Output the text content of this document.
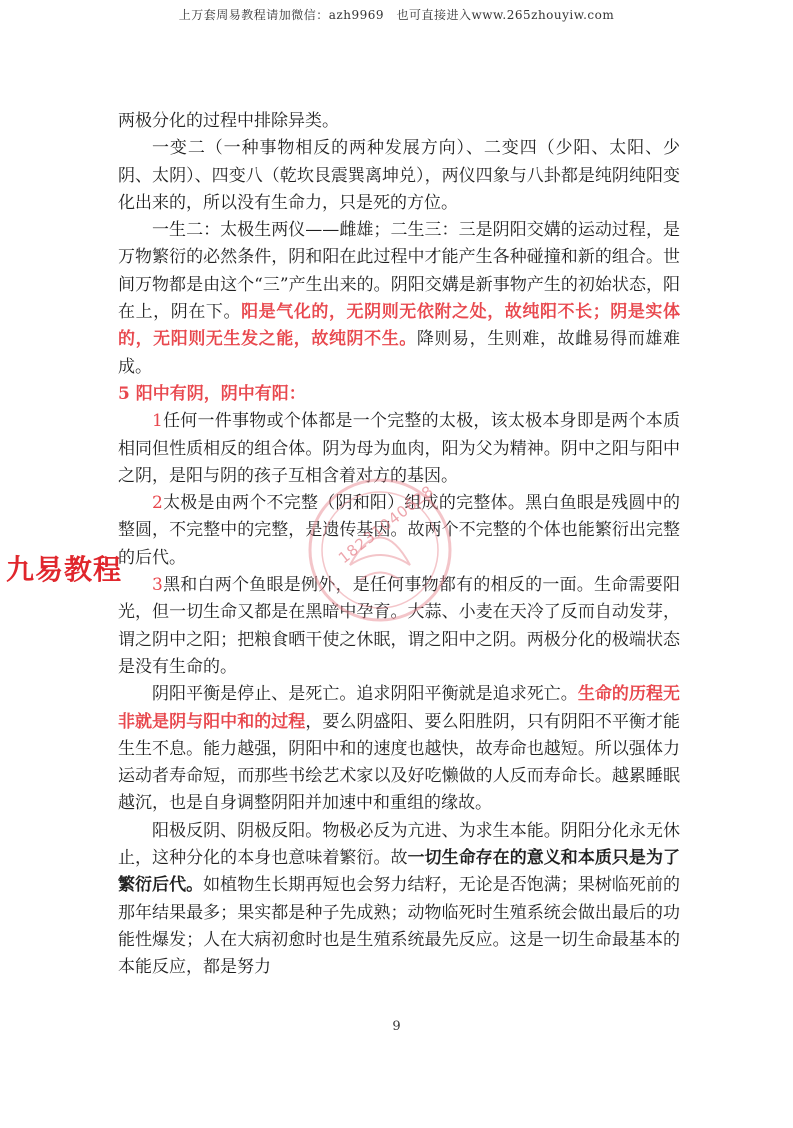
上万套周易教程请加微信：azh9969　也可直接进入www.265zhouyiw.com

两极分化的过程中排除异类。

一变二（一种事物相反的两种发展方向）、二变四（少阳、太阳、少阴、太阴）、四变八（乾坎艮震巽离坤兑），两仪四象与八卦都是纯阴纯阳变化出来的，所以没有生命力，只是死的方位。

一生二：太极生两仪——雌雄；二生三：三是阴阳交媾的运动过程，是万物繁衍的必然条件，阴和阳在此过程中才能产生各种碰撞和新的组合。世间万物都是由这个“三”产生出来的。阴阳交媾是新事物产生的初始状态，阳在上，阴在下。阳是气化的，无阴则无依附之处，故纯阳不长；阴是实体的，无阳则无生发之能，故纯阴不生。降则易，生则难，故雌易得而雄难成。

5 阳中有阴，阴中有阳：

1任何一件事物或个体都是一个完整的太极，该太极本身即是两个本质相同但性质相反的组合体。阴为母为血肉，阳为父为精神。阴中之阳与阳中之阴，是阳与阴的孩子互相含着对方的基因。

2太极是由两个不完整（阴和阳）组成的完整体。黑白鱼眼是残圆中的整圆，不完整中的完整，是遗传基因。故两个不完整的个体也能繁衍出完整的后代。

3黑和白两个鱼眼是例外，是任何事物都有的相反的一面。生命需要阳光，但一切生命又都是在黑暗中孕育。大蒜、小麦在天冷了反而自动发芽，谓之阴中之阳；把粮食晒干使之休眠，谓之阳中之阴。两极分化的极端状态是没有生命的。

阴阳平衡是停止、是死亡。追求阴阳平衡就是追求死亡。生命的历程无非就是阴与阳中和的过程，要么阴盛阳、要么阳胜阴，只有阴阳不平衡才能生生不息。能力越强，阴阳中和的速度也越快，故寿命也越短。所以强体力运动者寿命短，而那些书绘艺术家以及好吃懒做的人反而寿命长。越累睡眠越沉，也是自身调整阴阳并加速中和重组的缘故。

阳极反阴、阴极反阳。物极必反为亢进、为求生本能。阴阳分化永无休止，这种分化的本身也意味着繁衍。故一切生命存在的意义和本质只是为了繁衍后代。如植物生长期再短也会努力结籽，无论是否饱满；果树临死前的那年结果最多；果实都是种子先成熟；动物临死时生殖系统会做出最后的功能性爆发；人在大病初愈时也是生殖系统最先反应。这是一切生命最基本的本能反应，都是努力

18231040628
九易教程
9
